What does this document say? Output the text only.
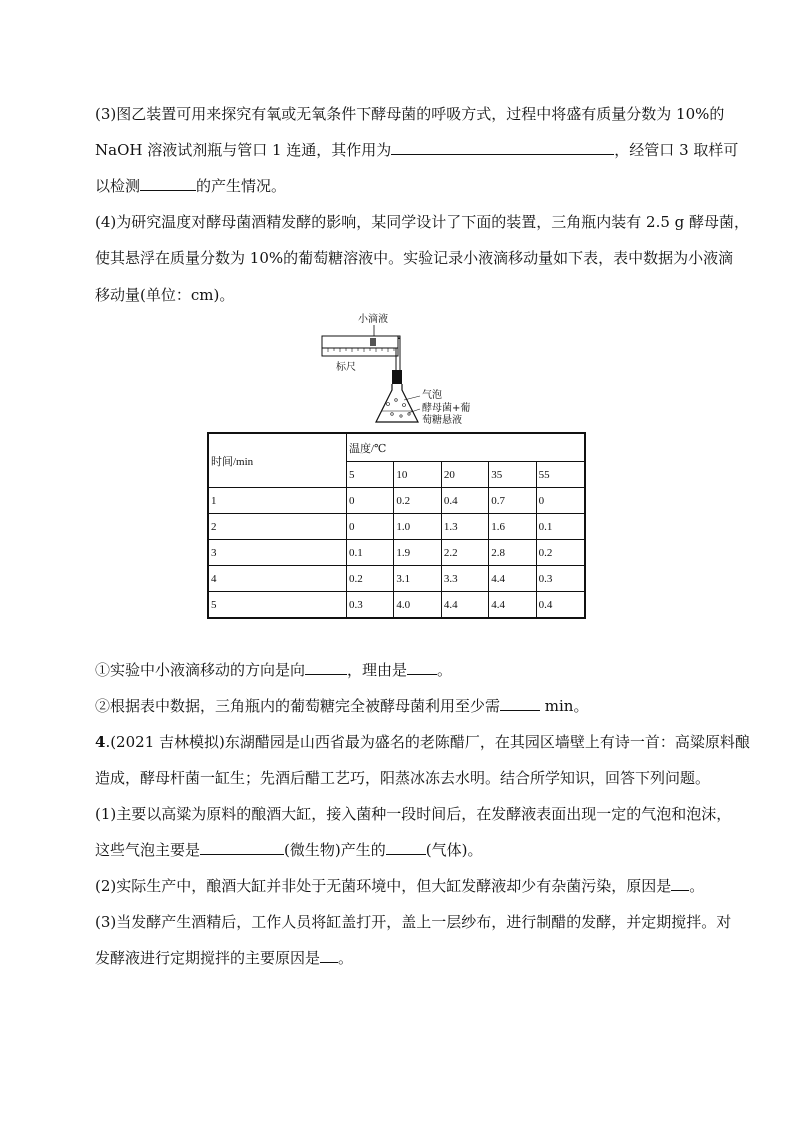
(3)图乙装置可用来探究有氧或无氧条件下酵母菌的呼吸方式，过程中将盛有质量分数为 10%的
NaOH 溶液试剂瓶与管口 1 连通，其作用为	，经管口 3 取样可
以检测	的产生情况。
(4)为研究温度对酵母菌酒精发酵的影响，某同学设计了下面的装置，三角瓶内装有 2.5 g 酵母菌，
使其悬浮在质量分数为 10%的葡萄糖溶液中。实验记录小液滴移动量如下表，表中数据为小液滴
移动量(单位：cm)。
小滴液
标尺
气泡
酵母菌+葡
萄糖悬液
时间/min	温度/℃				
	5	10	20	35	55
1	0	0.2	0.4	0.7	0
2	0	1.0	1.3	1.6	0.1
3	0.1	1.9	2.2	2.8	0.2
4	0.2	3.1	3.3	4.4	0.3
5	0.3	4.0	4.4	4.4	0.4
①实验中小液滴移动的方向是向	，理由是 。
②根据表中数据，三角瓶内的葡萄糖完全被酵母菌利用至少需	min。
4.(2021 吉林模拟)东湖醋园是山西省最为盛名的老陈醋厂，在其园区墙壁上有诗一首：高粱原料酿
造成，酵母杆菌一缸生；先酒后醋工艺巧，阳蒸冰冻去水明。结合所学知识，回答下列问题。
(1)主要以高粱为原料的酿酒大缸，接入菌种一段时间后，在发酵液表面出现一定的气泡和泡沫，
这些气泡主要是	(微生物)产生的	(气体)。
(2)实际生产中，酿酒大缸并非处于无菌环境中，但大缸发酵液却少有杂菌污染，原因是 。
(3)当发酵产生酒精后，工作人员将缸盖打开，盖上一层纱布，进行制醋的发酵，并定期搅拌。对
发酵液进行定期搅拌的主要原因是 。
